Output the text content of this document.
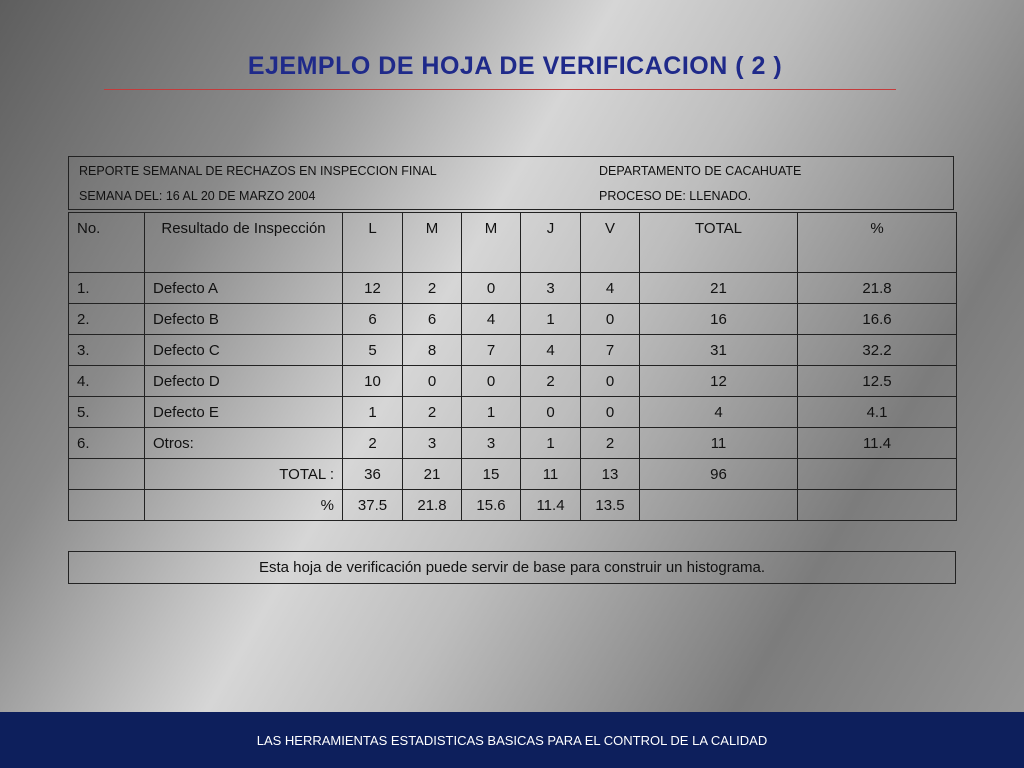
EJEMPLO DE HOJA DE VERIFICACION ( 2 )
REPORTE SEMANAL DE RECHAZOS EN INSPECCION FINAL	DEPARTAMENTO DE CACAHUATE
SEMANA DEL: 16 AL 20 DE MARZO 2004	PROCESO DE: LLENADO.
No.	Resultado de Inspección	L	M	M	J	V	TOTAL	%
1.	Defecto A	12	2	0	3	4	21	21.8
2.	Defecto B	6	6	4	1	0	16	16.6
3.	Defecto C	5	8	7	4	7	31	32.2
4.	Defecto D	10	0	0	2	0	12	12.5
5.	Defecto E	1	2	1	0	0	4	4.1
6.	Otros:	2	3	3	1	2	11	11.4
	TOTAL :	36	21	15	11	13	96	
	%	37.5	21.8	15.6	11.4	13.5		
Esta hoja de verificación puede servir de base para construir un histograma.
LAS HERRAMIENTAS ESTADISTICAS BASICAS PARA EL CONTROL DE LA CALIDAD
